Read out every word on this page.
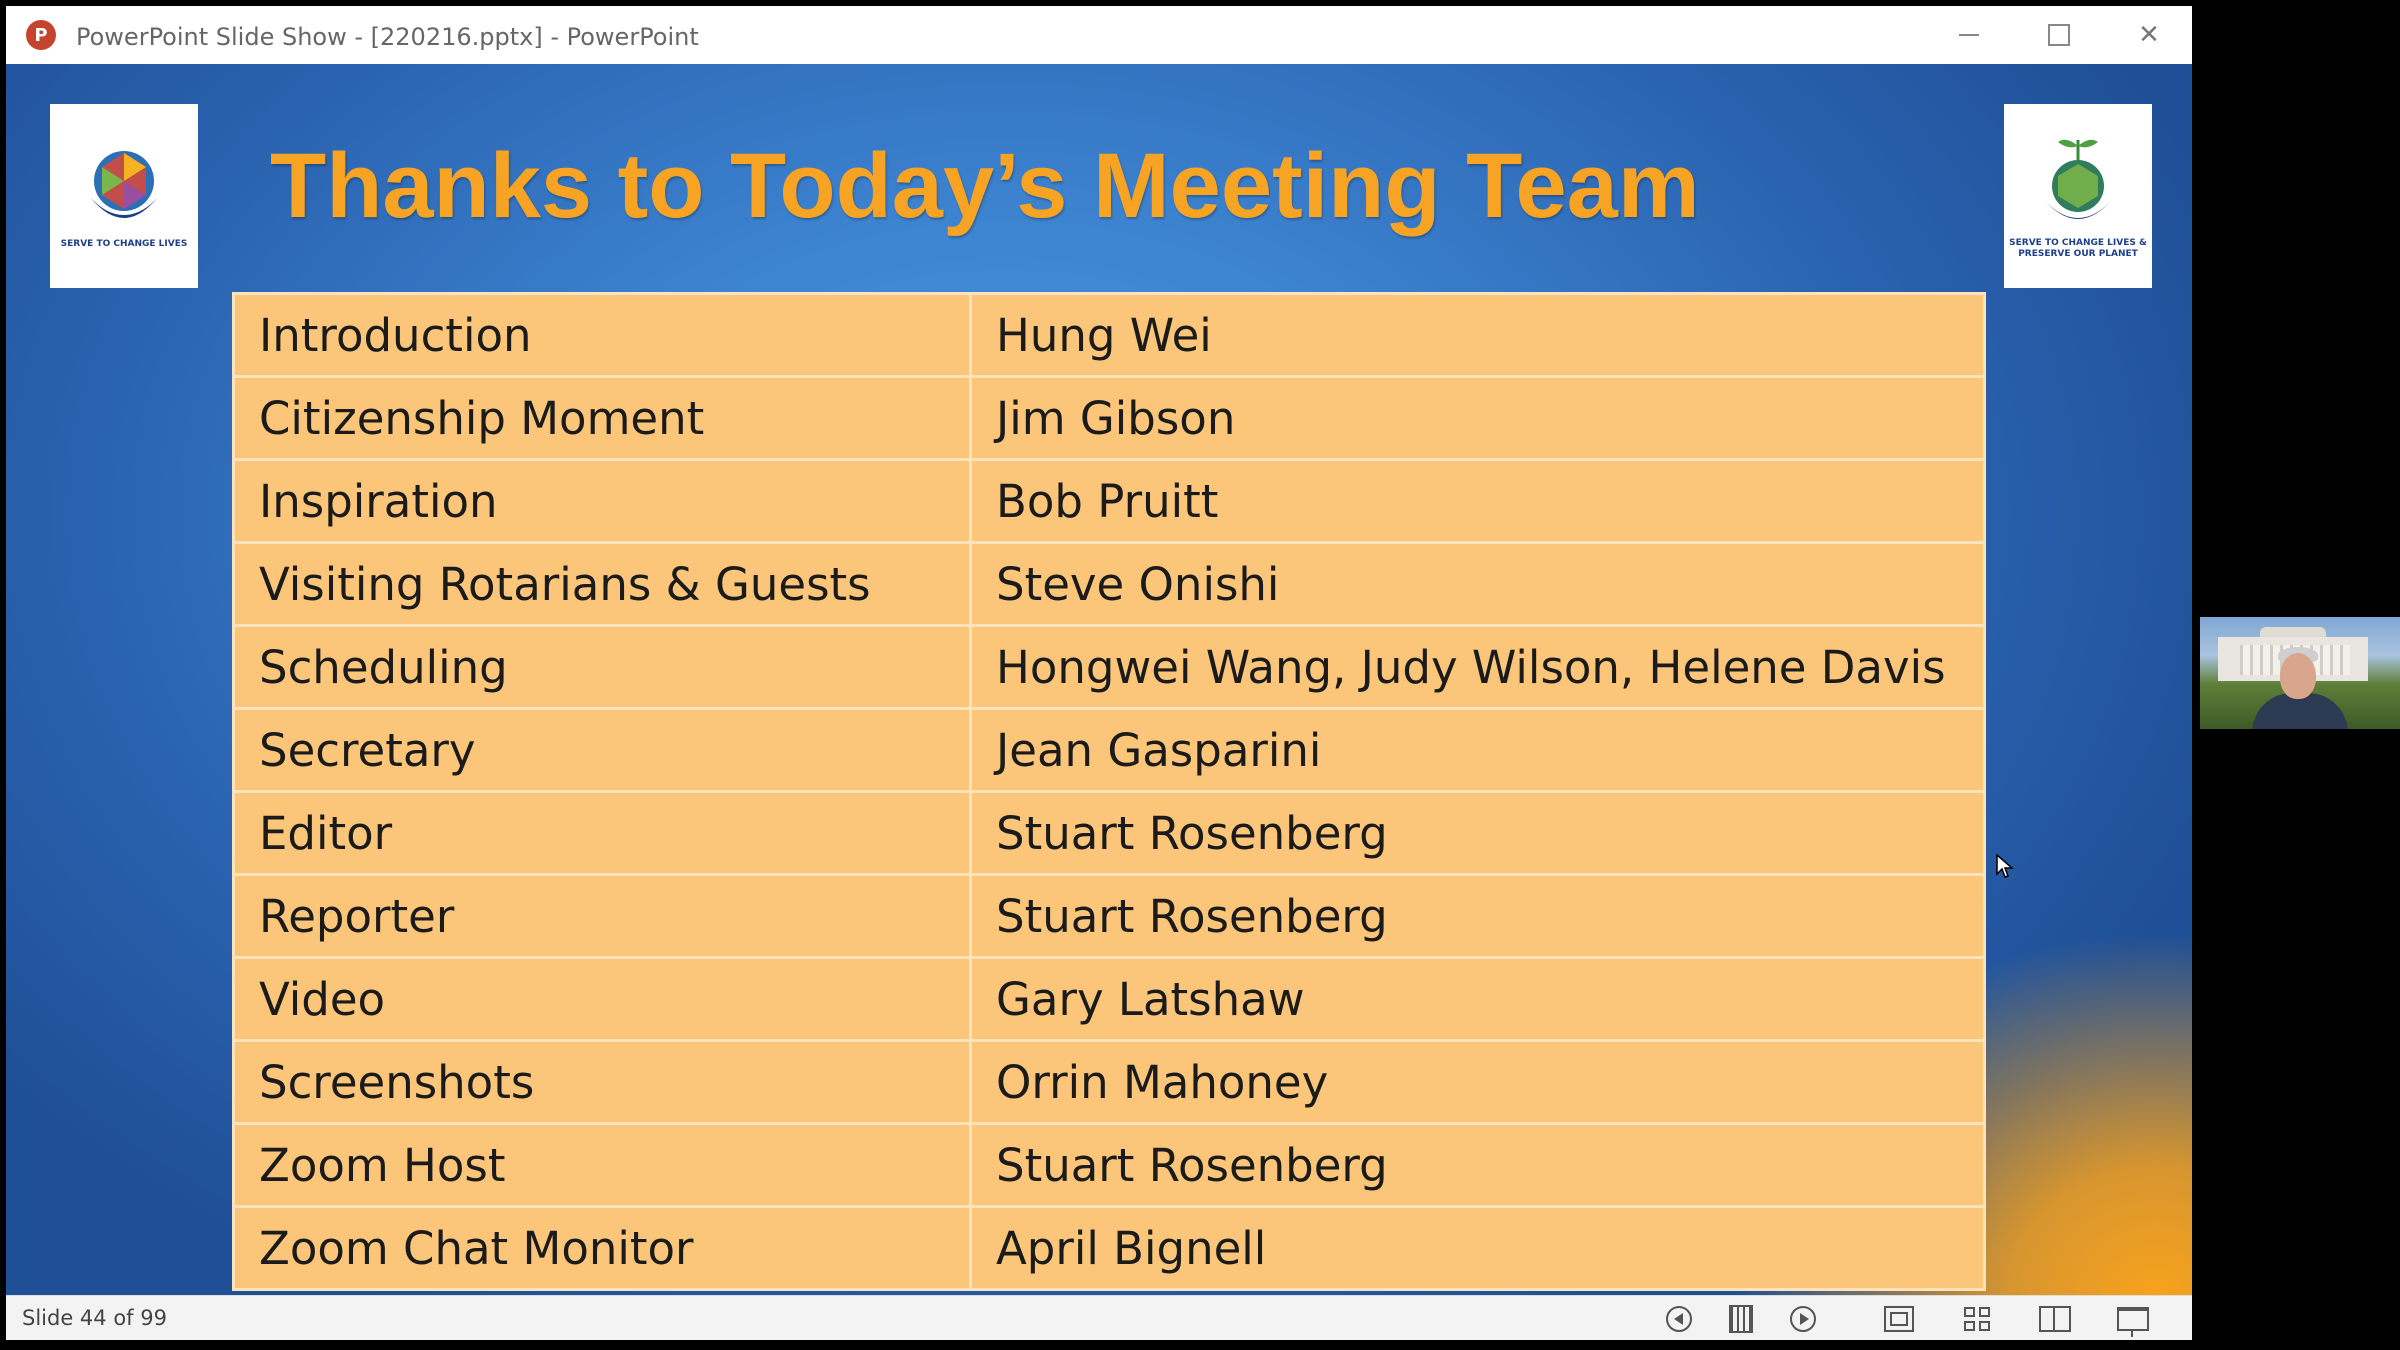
P	PowerPoint Slide Show - [220216.pptx] - PowerPoint	✕
SERVE TO CHANGE LIVES
Thanks to Today’s Meeting Team
SERVE TO CHANGE LIVES & PRESERVE OUR PLANET
Introduction	Hung Wei
Citizenship Moment	Jim Gibson
Inspiration	Bob Pruitt
Visiting Rotarians & Guests	Steve Onishi
Scheduling	Hongwei Wang, Judy Wilson, Helene Davis
Secretary	Jean Gasparini
Editor	Stuart Rosenberg
Reporter	Stuart Rosenberg
Video	Gary Latshaw
Screenshots	Orrin Mahoney
Zoom Host	Stuart Rosenberg
Zoom Chat Monitor	April Bignell
Slide 44 of 99
